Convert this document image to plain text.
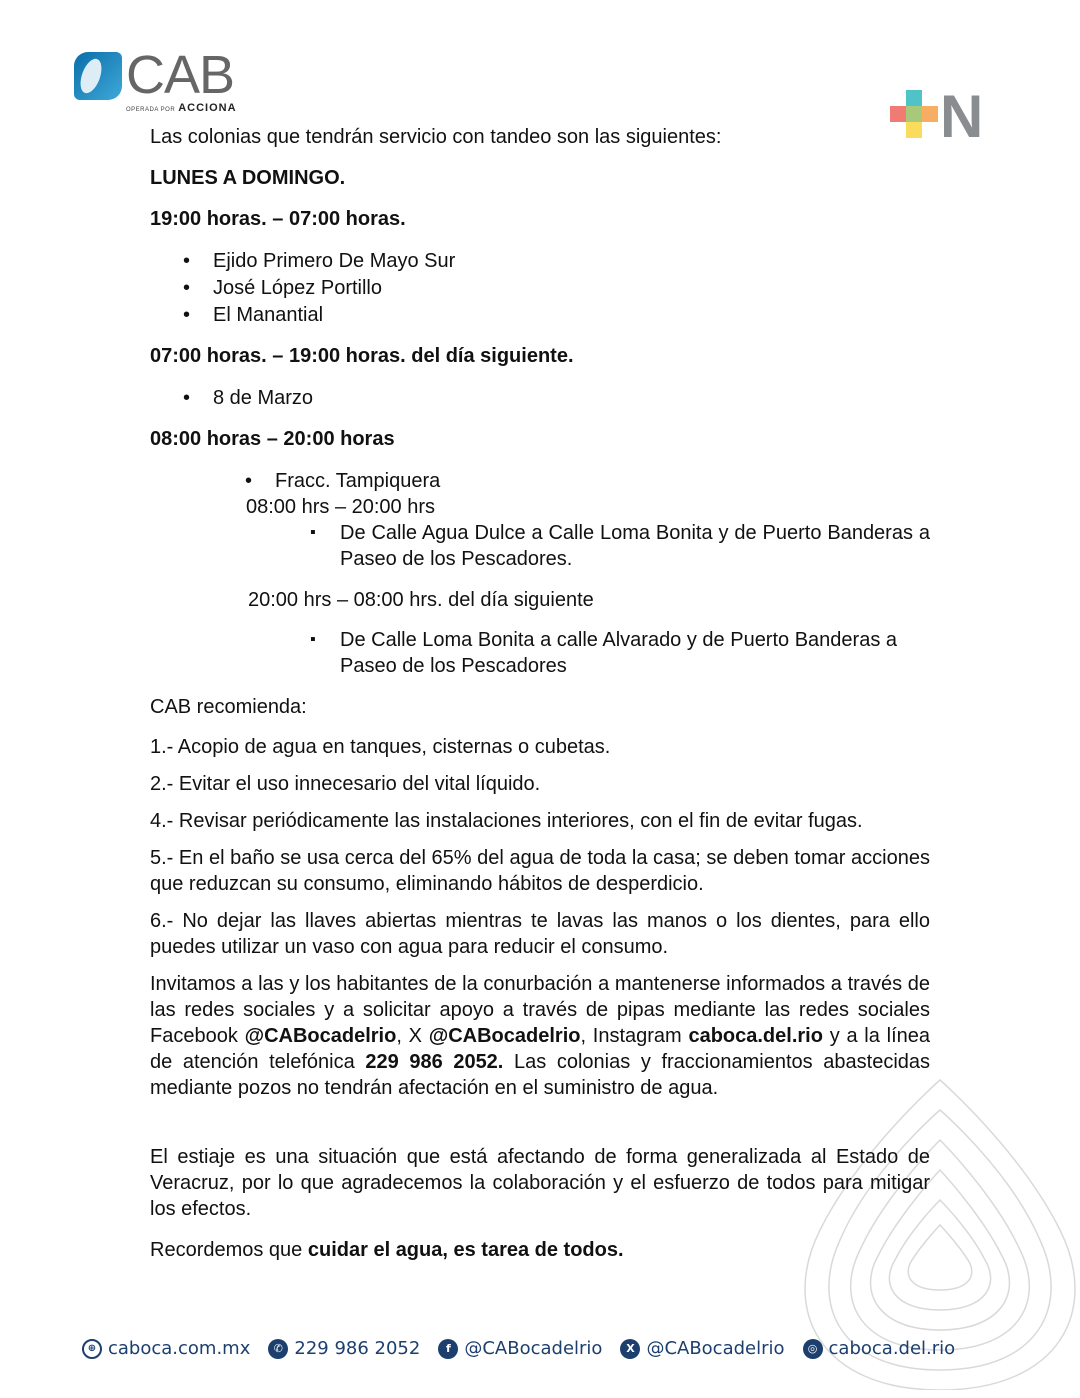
CAB
OPERADA POR ACCIONA	N

Las colonias que tendrán servicio con tandeo son las siguientes:

LUNES A DOMINGO.

19:00 horas. – 07:00 horas.

• Ejido Primero De Mayo Sur
• José López Portillo
• El Manantial

07:00 horas. – 19:00 horas. del día siguiente.

• 8 de Marzo

08:00 horas – 20:00 horas

• Fracc. Tampiquera

08:00 hrs – 20:00 hrs

▪ De Calle Agua Dulce a Calle Loma Bonita y de Puerto Banderas a Paseo de los Pescadores.

20:00 hrs – 08:00 hrs. del día siguiente

▪ De Calle Loma Bonita a calle Alvarado y de Puerto Banderas a Paseo de los Pescadores

CAB recomienda:

1.- Acopio de agua en tanques, cisternas o cubetas.

2.- Evitar el uso innecesario del vital líquido.

4.- Revisar periódicamente las instalaciones interiores, con el fin de evitar fugas.

5.- En el baño se usa cerca del 65% del agua de toda la casa; se deben tomar acciones que reduzcan su consumo, eliminando hábitos de desperdicio.

6.- No dejar las llaves abiertas mientras te lavas las manos o los dientes, para ello puedes utilizar un vaso con agua para reducir el consumo.

Invitamos a las y los habitantes de la conurbación a mantenerse informados a través de las redes sociales y a solicitar apoyo a través de pipas mediante las redes sociales Facebook @CABocadelrio, X @CABocadelrio, Instagram caboca.del.rio y a la línea de atención telefónica 229 986 2052. Las colonias y fraccionamientos abastecidas mediante pozos no tendrán afectación en el suministro de agua.

El estiaje es una situación que está afectando de forma generalizada al Estado de Veracruz, por lo que agradecemos la colaboración y el esfuerzo de todos para mitigar los efectos.

Recordemos que cuidar el agua, es tarea de todos.

⊕ caboca.com.mx	✆ 229 986 2052	f @CABocadelrio	X @CABocadelrio	◎ caboca.del.rio
